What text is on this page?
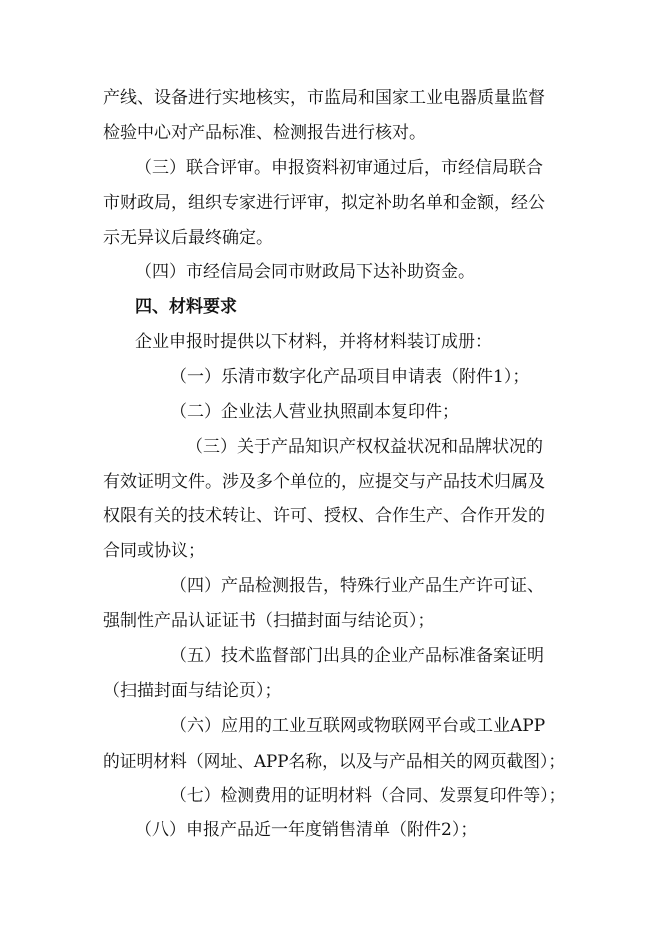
产线、设备进行实地核实，市监局和国家工业电器质量监督
检验中心对产品标准、检测报告进行核对。
（三）联合评审。申报资料初审通过后，市经信局联合
市财政局，组织专家进行评审，拟定补助名单和金额，经公
示无异议后最终确定。
（四）市经信局会同市财政局下达补助资金。
四、材料要求
企业申报时提供以下材料，并将材料装订成册：
（一）乐清市数字化产品项目申请表（附件1）；
（二）企业法人营业执照副本复印件；
（三）关于产品知识产权权益状况和品牌状况的
有效证明文件。涉及多个单位的，应提交与产品技术归属及
权限有关的技术转让、许可、授权、合作生产、合作开发的
合同或协议；
（四）产品检测报告，特殊行业产品生产许可证、
强制性产品认证证书（扫描封面与结论页）；
（五）技术监督部门出具的企业产品标准备案证明
（扫描封面与结论页）；
（六）应用的工业互联网或物联网平台或工业APP
的证明材料（网址、APP名称，以及与产品相关的网页截图）；
（七）检测费用的证明材料（合同、发票复印件等）；
（八）申报产品近一年度销售清单（附件2）；
